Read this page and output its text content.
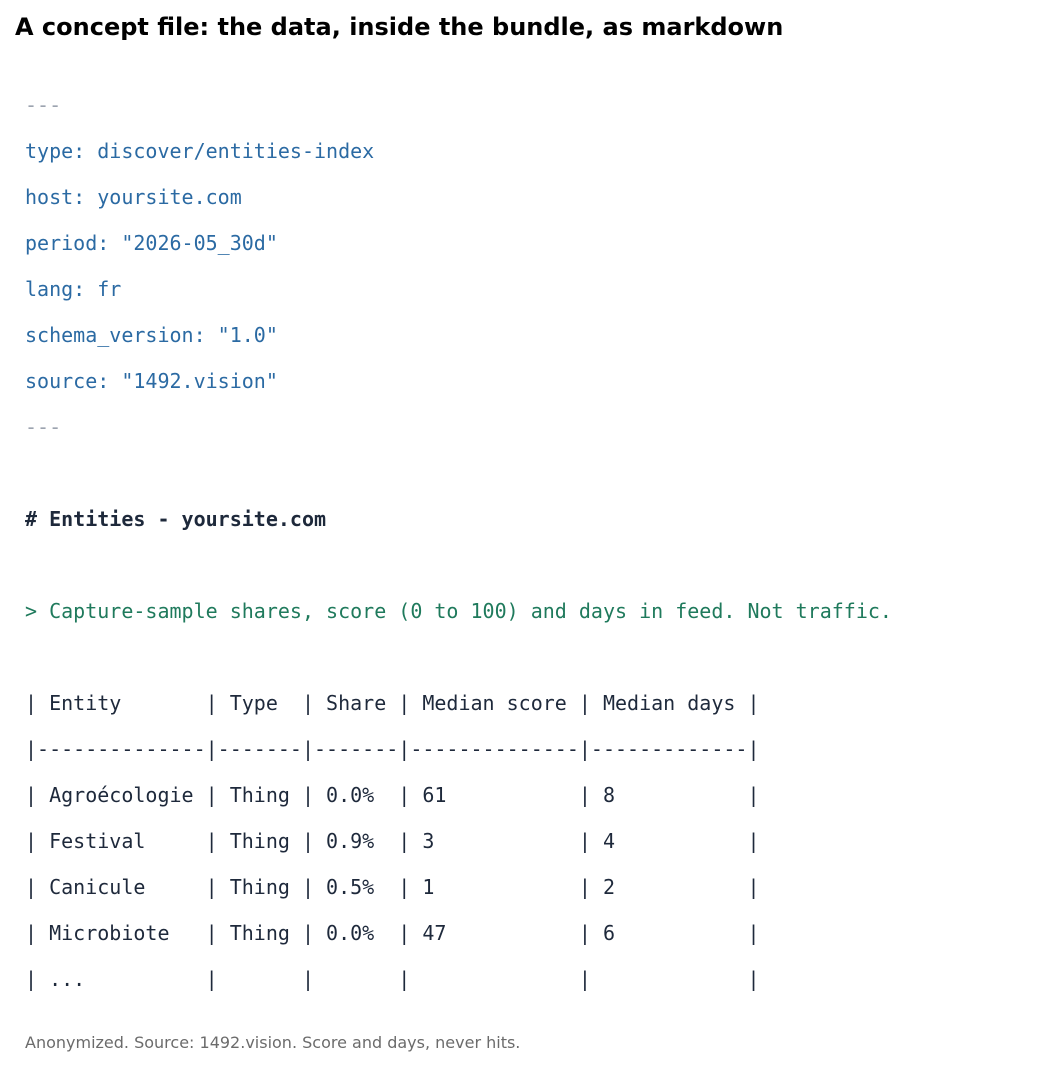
A concept file: the data, inside the bundle, as markdown
---
type: discover/entities-index
host: yoursite.com
period: "2026-05_30d"
lang: fr
schema_version: "1.0"
source: "1492.vision"
---
# Entities - yoursite.com
> Capture-sample shares, score (0 to 100) and days in feed. Not traffic.
| Entity       | Type  | Share | Median score | Median days |
|--------------|-------|-------|--------------|-------------|
| Agroécologie | Thing | 0.0%  | 61           | 8           |
| Festival     | Thing | 0.9%  | 3            | 4           |
| Canicule     | Thing | 0.5%  | 1            | 2           |
| Microbiote   | Thing | 0.0%  | 47           | 6           |
| ...          |       |       |              |             |
Anonymized. Source: 1492.vision. Score and days, never hits.
